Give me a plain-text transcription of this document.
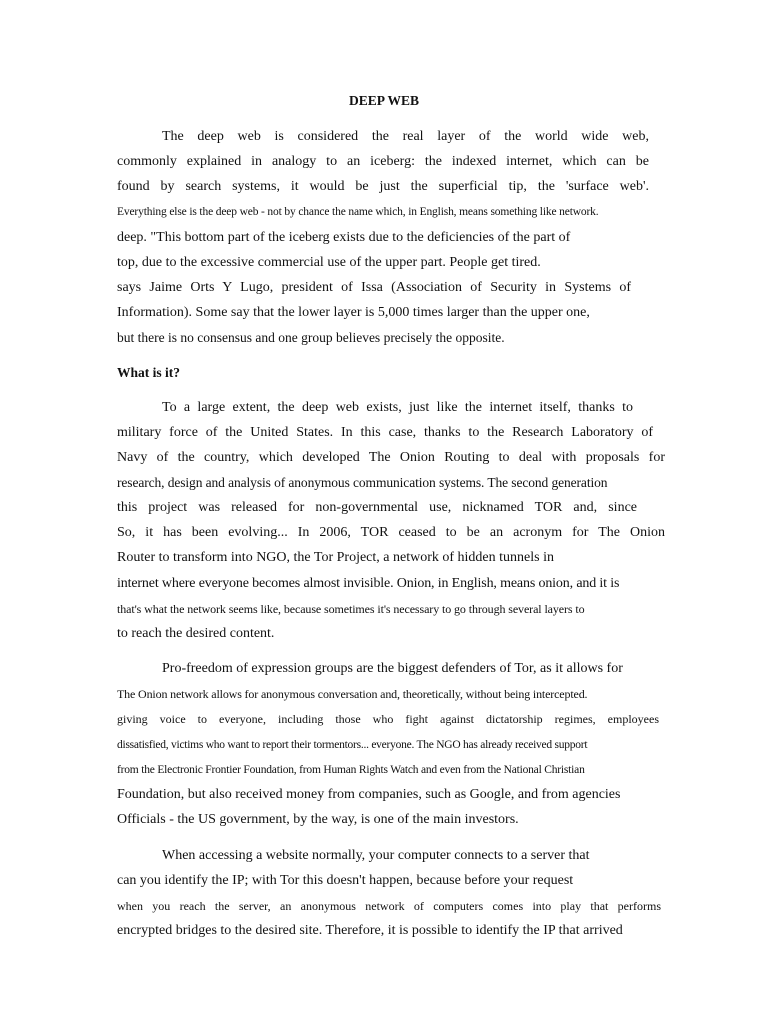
DEEP WEB
The deep web is considered the real layer of the world wide web,
commonly explained in analogy to an iceberg: the indexed internet, which can be
found by search systems, it would be just the superficial tip, the 'surface web'.
Everything else is the deep web - not by chance the name which, in English, means something like network.
deep. "This bottom part of the iceberg exists due to the deficiencies of the part of
top, due to the excessive commercial use of the upper part. People get tired.
says Jaime Orts Y Lugo, president of Issa (Association of Security in Systems of
Information). Some say that the lower layer is 5,000 times larger than the upper one,
but there is no consensus and one group believes precisely the opposite.
What is it?
To a large extent, the deep web exists, just like the internet itself, thanks to
military force of the United States. In this case, thanks to the Research Laboratory of
Navy of the country, which developed The Onion Routing to deal with proposals for
research, design and analysis of anonymous communication systems. The second generation
this project was released for non-governmental use, nicknamed TOR and, since
So, it has been evolving... In 2006, TOR ceased to be an acronym for The Onion
Router to transform into NGO, the Tor Project, a network of hidden tunnels in
internet where everyone becomes almost invisible. Onion, in English, means onion, and it is
that's what the network seems like, because sometimes it's necessary to go through several layers to
to reach the desired content.
Pro-freedom of expression groups are the biggest defenders of Tor, as it allows for
The Onion network allows for anonymous conversation and, theoretically, without being intercepted.
giving voice to everyone, including those who fight against dictatorship regimes, employees
dissatisfied, victims who want to report their tormentors... everyone. The NGO has already received support
from the Electronic Frontier Foundation, from Human Rights Watch and even from the National Christian
Foundation, but also received money from companies, such as Google, and from agencies
Officials - the US government, by the way, is one of the main investors.
When accessing a website normally, your computer connects to a server that
can you identify the IP; with Tor this doesn't happen, because before your request
when you reach the server, an anonymous network of computers comes into play that performs
encrypted bridges to the desired site. Therefore, it is possible to identify the IP that arrived
